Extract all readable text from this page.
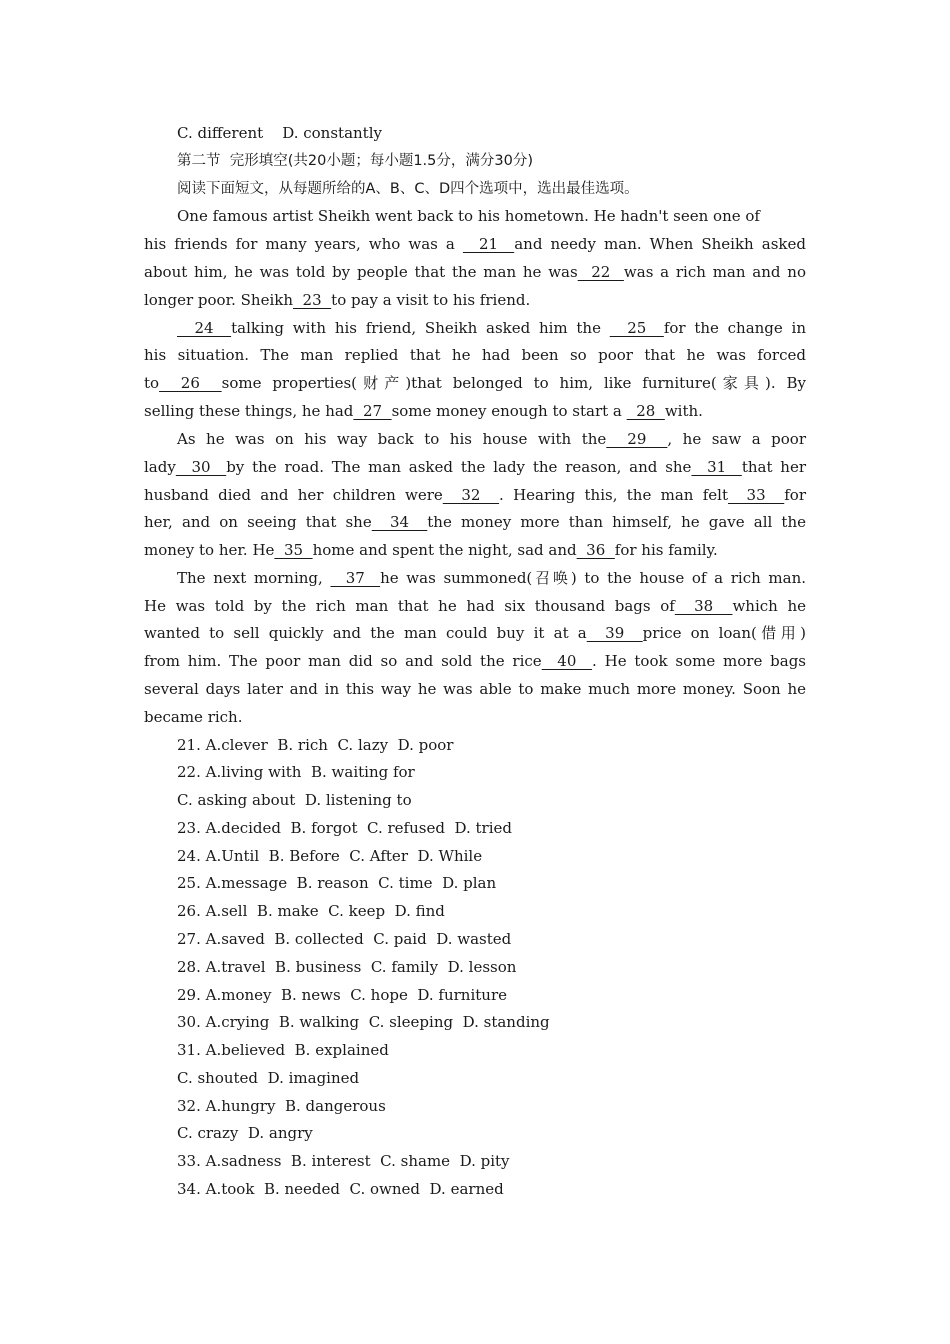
C. different    D. constantly
第二节  完形填空(共20小题；每小题1.5分，满分30分)
阅读下面短文，从每题所给的A、B、C、D四个选项中，选出最佳选项。
One famous artist Sheikh went back to his hometown. He hadn't seen one of
his friends for many years, who was a   21  and needy man. When Sheikh asked
about him, he was told by people that the man he was  22  was a rich man and no
longer poor. Sheikh  23  to pay a visit to his friend.
24  talking with his friend, Sheikh asked him the   25  for the change in
his situation. The man replied that he had been so poor that he was forced
to  26  some properties(财产)that belonged to him, like furniture(家具). By
selling these things, he had  27  some money enough to start a   28  with.
As he was on his way back to his house with the  29  , he saw a poor
lady  30  by the road. The man asked the lady the reason, and she  31  that her
husband died and her children were  32  . Hearing this, the man felt  33  for
her, and on seeing that she  34  the money more than himself, he gave all the
money to her. He  35  home and spent the night, sad and  36  for his family.
The next morning,   37  he was summoned(召唤) to the house of a rich man.
He was told by the rich man that he had six thousand bags of  38  which he
wanted to sell quickly and the man could buy it at a  39  price on loan(借用)
from him. The poor man did so and sold the rice  40  . He took some more bags
several days later and in this way he was able to make much more money. Soon he
became rich.
21. A.clever  B. rich  C. lazy  D. poor
22. A.living with  B. waiting for
C. asking about  D. listening to
23. A.decided  B. forgot  C. refused  D. tried
24. A.Until  B. Before  C. After  D. While
25. A.message  B. reason  C. time  D. plan
26. A.sell  B. make  C. keep  D. find
27. A.saved  B. collected  C. paid  D. wasted
28. A.travel  B. business  C. family  D. lesson
29. A.money  B. news  C. hope  D. furniture
30. A.crying  B. walking  C. sleeping  D. standing
31. A.believed  B. explained
C. shouted  D. imagined
32. A.hungry  B. dangerous
C. crazy  D. angry
33. A.sadness  B. interest  C. shame  D. pity
34. A.took  B. needed  C. owned  D. earned
